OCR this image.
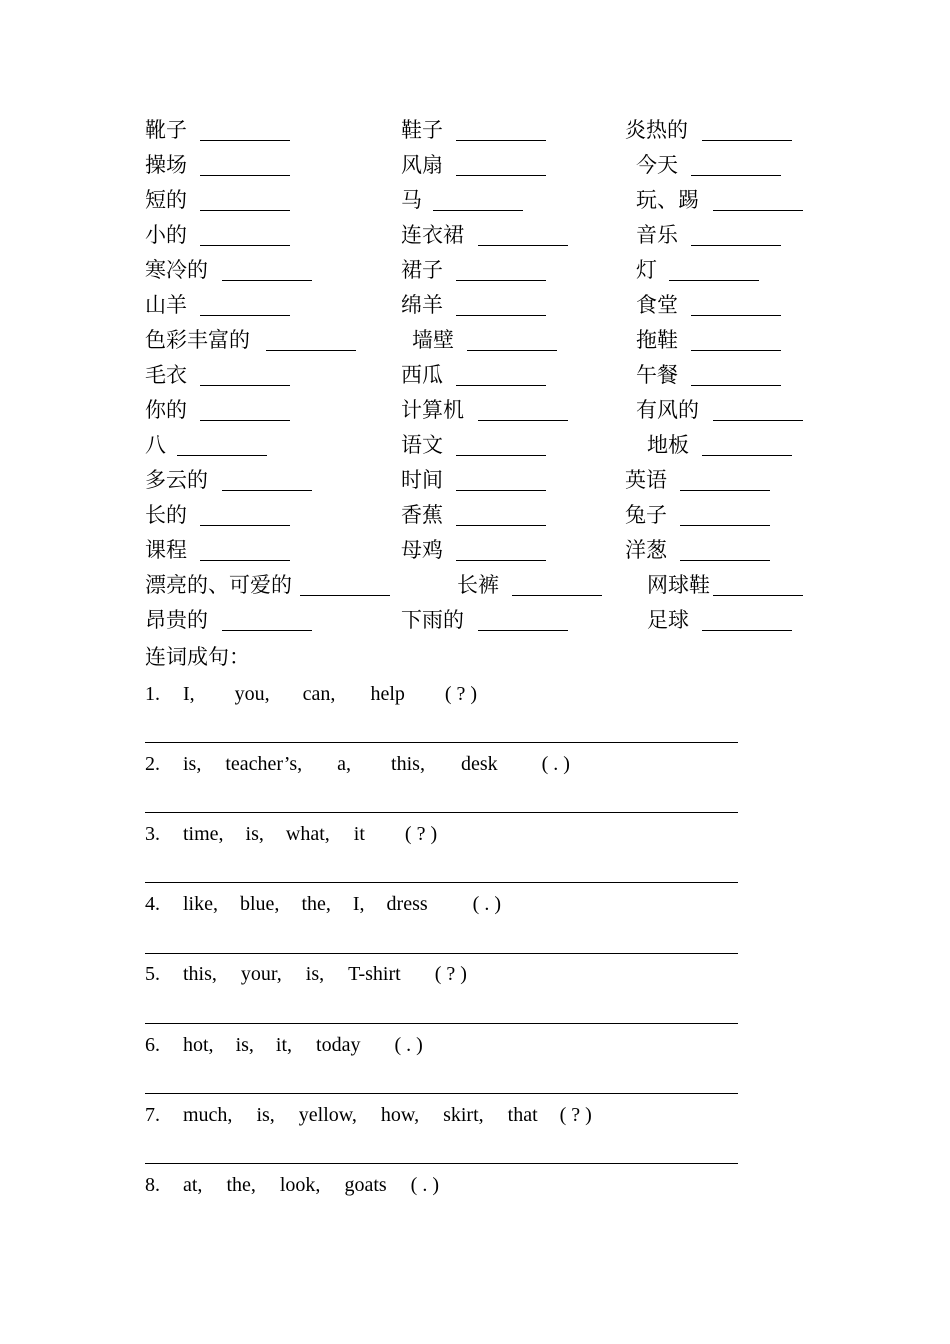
靴子	鞋子	炎热的
操场	风扇	今天
短的	马	玩、踢
小的	连衣裙	音乐
寒冷的	裙子	灯
山羊	绵羊	食堂
色彩丰富的	墙壁	拖鞋
毛衣	西瓜	午餐
你的	计算机	有风的
八	语文	地板
多云的	时间	英语
长的	香蕉	兔子
课程	母鸡	洋葱
漂亮的、可爱的	长裤	网球鞋
昂贵的	下雨的	足球
连词成句：
1. I, you, can, help ( ? )
2. is, teacher’s, a, this, desk ( . )
3. time, is, what, it ( ? )
4. like, blue, the, I, dress ( . )
5. this, your, is, T-shirt ( ? )
6. hot, is, it, today ( . )
7. much, is, yellow, how, skirt, that ( ? )
8. at, the, look, goats ( . )
